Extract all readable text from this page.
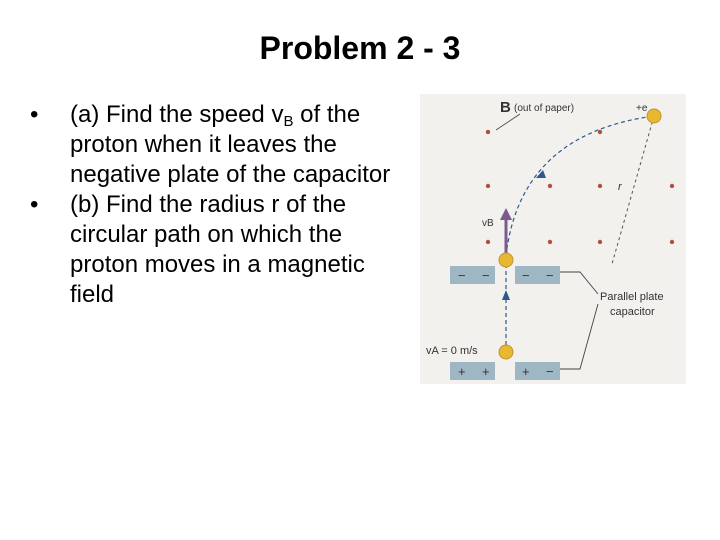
Problem 2 - 3
• (a) Find the speed $v_B$ of the proton when it leaves the negative plate of the capacitor
• (b) Find the radius r of the circular path on which the proton moves in a magnetic field
B (out of paper)	+e
− − − −
+ + + −
r
vB
vA = 0 m/s
Parallel plate
capacitor
